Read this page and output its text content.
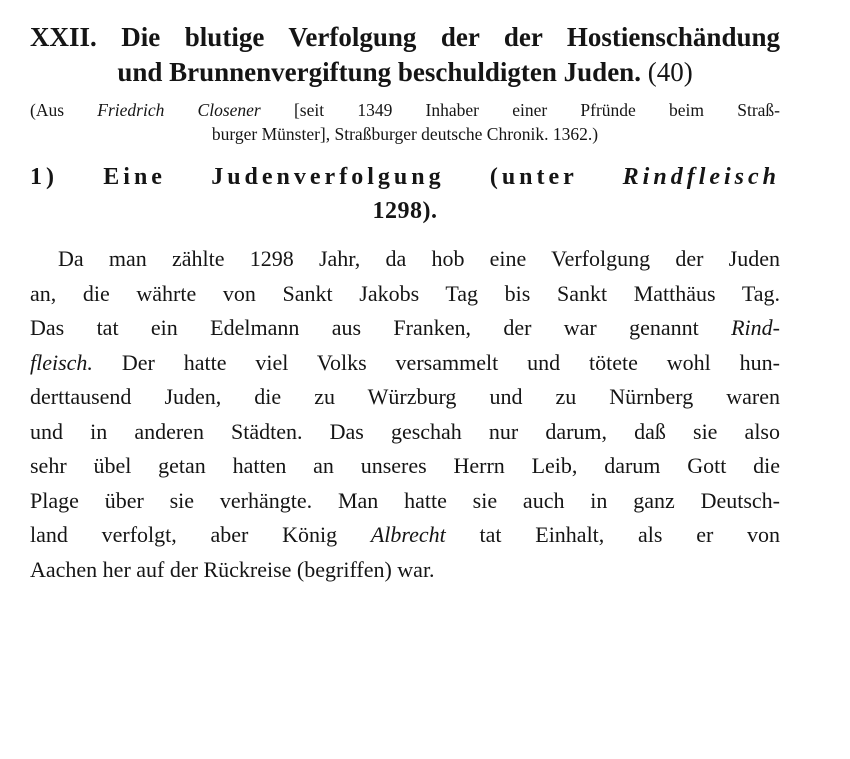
XXII. Die blutige Verfolgung der der Hostienschändung
und Brunnenvergiftung beschuldigten Juden. (40)

(Aus Friedrich Closener [seit 1349 Inhaber einer Pfründe beim Straß-
burger Münster], Straßburger deutsche Chronik. 1362.)

1) Eine Judenverfolgung (unter Rindfleisch
1298).
Da man zählte 1298 Jahr, da hob eine Verfolgung der Juden
an, die währte von Sankt Jakobs Tag bis Sankt Matthäus Tag.
Das tat ein Edelmann aus Franken, der war genannt Rind-
fleisch. Der hatte viel Volks versammelt und tötete wohl hun-
derttausend Juden, die zu Würzburg und zu Nürnberg waren
und in anderen Städten. Das geschah nur darum, daß sie also
sehr übel getan hatten an unseres Herrn Leib, darum Gott die
Plage über sie verhängte. Man hatte sie auch in ganz Deutsch-
land verfolgt, aber König Albrecht tat Einhalt, als er von
Aachen her auf der Rückreise (begriffen) war.
